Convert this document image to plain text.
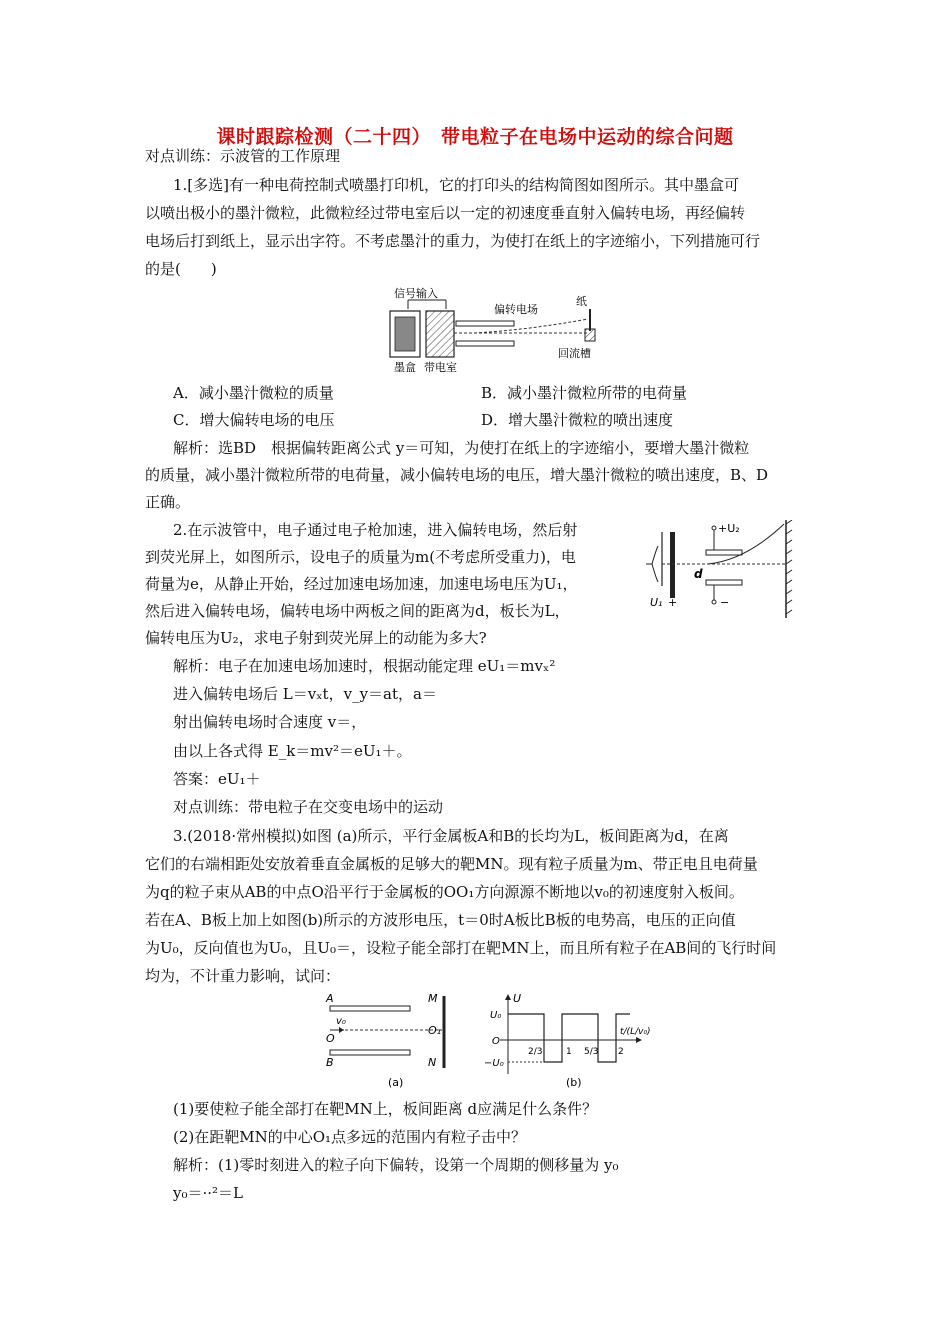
课时跟踪检测（二十四）　带电粒子在电场中运动的综合问题
对点训练：示波管的工作原理
1.[多选]有一种电荷控制式喷墨打印机，它的打印头的结构简图如图所示。其中墨盒可
以喷出极小的墨汁微粒，此微粒经过带电室后以一定的初速度垂直射入偏转电场，再经偏转
电场后打到纸上，显示出字符。不考虑墨汁的重力，为使打在纸上的字迹缩小，下列措施可行
的是(　　)
信号输入
偏转电场
纸
回流槽
墨盒 带电室
A．减小墨汁微粒的质量	B．减小墨汁微粒所带的电荷量
C．增大偏转电场的电压	D．增大墨汁微粒的喷出速度
解析：选BD　根据偏转距离公式 y＝可知，为使打在纸上的字迹缩小，要增大墨汁微粒
的质量，减小墨汁微粒所带的电荷量，减小偏转电场的电压，增大墨汁微粒的喷出速度，B、D
正确。
2.在示波管中，电子通过电子枪加速，进入偏转电场，然后射
到荧光屏上，如图所示，设电子的质量为m(不考虑所受重力)，电
荷量为e，从静止开始，经过加速电场加速，加速电场电压为U₁，
然后进入偏转电场，偏转电场中两板之间的距离为d，板长为L，
偏转电压为U₂，求电子射到荧光屏上的动能为多大?
+U₂
d
−
U₁ +
解析：电子在加速电场加速时，根据动能定理 eU₁＝mvₓ²
进入偏转电场后 L＝vₓt，v_y＝at，a＝
射出偏转电场时合速度 v＝，
由以上各式得 E_k＝mv²＝eU₁＋。
答案：eU₁＋
对点训练：带电粒子在交变电场中的运动
3.(2018·常州模拟)如图 (a)所示，平行金属板A和B的长均为L，板间距离为d，在离
它们的右端相距处安放着垂直金属板的足够大的靶MN。现有粒子质量为m、带正电且电荷量
为q的粒子束从AB的中点O沿平行于金属板的OO₁方向源源不断地以v₀的初速度射入板间。
若在A、B板上加上如图(b)所示的方波形电压，t＝0时A板比B板的电势高，电压的正向值
为U₀，反向值也为U₀，且U₀＝，设粒子能全部打在靶MN上，而且所有粒子在AB间的飞行时间
均为，不计重力影响，试问：
A
B
v₀
O
M
O₁
N
(a)
U
U₀
O
−U₀
2/3	1 5/3 2
t/(L/v₀)
(b)
(1)要使粒子能全部打在靶MN上，板间距离 d应满足什么条件？
(2)在距靶MN的中心O₁点多远的范围内有粒子击中？
解析：(1)零时刻进入的粒子向下偏转，设第一个周期的侧移量为 y₀
y₀＝··²＝L
